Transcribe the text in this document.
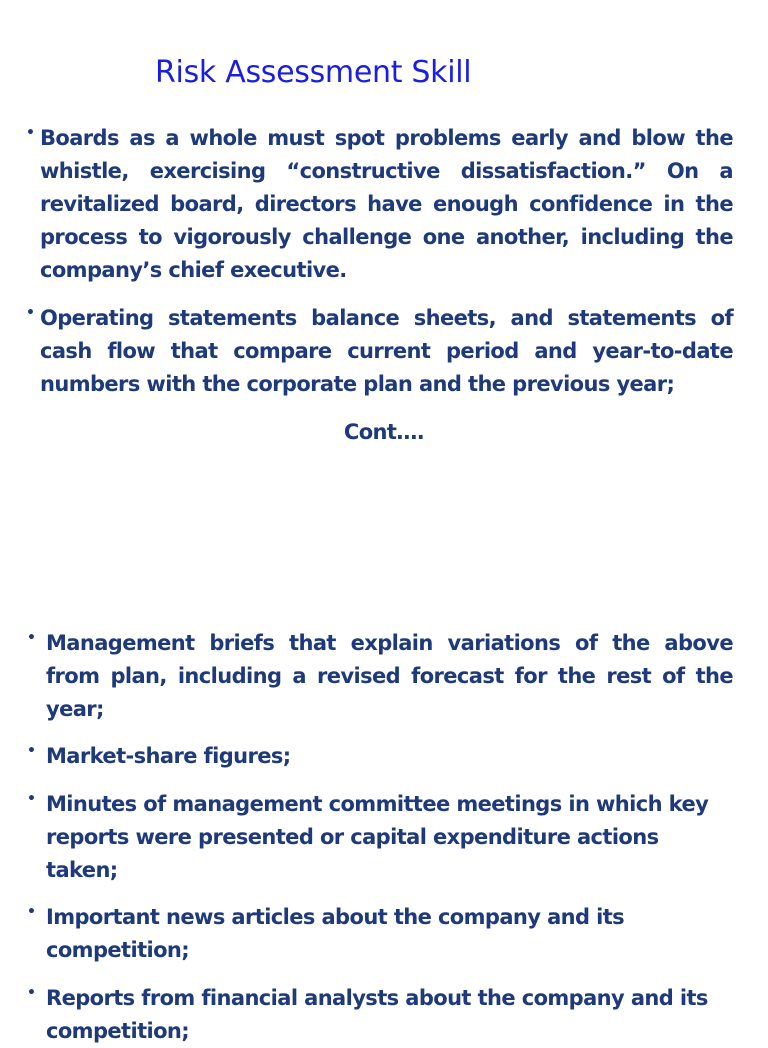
Risk Assessment Skill

• Boards as a whole must spot problems early and blow the whistle, exercising “constructive dissatisfaction.” On a revitalized board, directors have enough confidence in the process to vigorously challenge one another, including the company’s chief executive.

• Operating statements balance sheets, and statements of cash flow that compare current period and year-to-date numbers with the corporate plan and the previous year;

Cont….

• Management briefs that explain variations of the above from plan, including a revised forecast for the rest of the year;

• Market-share figures;

• Minutes of management committee meetings in which key reports were presented or capital expenditure actions taken;

• Important news articles about the company and its competition;

• Reports from financial analysts about the company and its competition;
